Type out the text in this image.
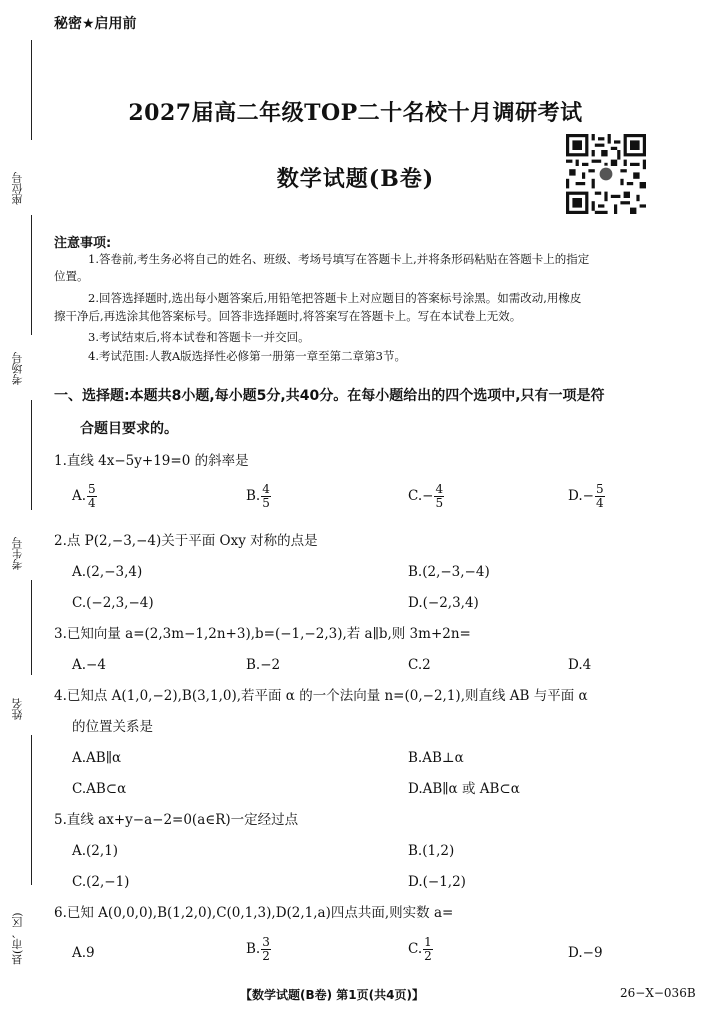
座位号
考场号
考生号
姓名
县(市、区)
秘密★启用前
2027届高二年级TOP二十名校十月调研考试
数学试题(B卷)
注意事项:
1.答卷前,考生务必将自己的姓名、班级、考场号填写在答题卡上,并将条形码粘贴在答题卡上的指定
位置。
2.回答选择题时,选出每小题答案后,用铅笔把答题卡上对应题目的答案标号涂黑。如需改动,用橡皮
擦干净后,再选涂其他答案标号。回答非选择题时,将答案写在答题卡上。写在本试卷上无效。
3.考试结束后,将本试卷和答题卡一并交回。
4.考试范围:人教A版选择性必修第一册第一章至第二章第3节。
一、选择题:本题共8小题,每小题5分,共40分。在每小题给出的四个选项中,只有一项是符
合题目要求的。
1.直线 4x−5y+19=0 的斜率是
A. $\frac{5}{4}$	B. $\frac{4}{5}$	$C.- \frac{4}{5}$	$D.- \frac{5}{4}$
2.点 P(2,−3,−4)关于平面 Oxy 对称的点是
A.(2,−3,4)	B.(2,−3,−4)
C.(−2,3,−4)	D.(−2,3,4)
3.已知向量 a=(2,3m−1,2n+3),b=(−1,−2,3),若 a∥b,则 3m+2n=
A.−4	B.−2	C.2	D.4
4.已知点 A(1,0,−2),B(3,1,0),若平面 α 的一个法向量 n=(0,−2,1),则直线 AB 与平面 α
的位置关系是
A.AB∥α	B.AB⊥α
C.AB⊂α	D.AB∥α 或 AB⊂α
5.直线 ax+y−a−2=0(a∈R)一定经过点
A.(2,1)	B.(1,2)
C.(2,−1)	D.(−1,2)
6.已知 A(0,0,0),B(1,2,0),C(0,1,3),D(2,1,a)四点共面,则实数 a=
A.9	B. $\frac{3}{2}$	C. $\frac{1}{2}$	D.−9
【数学试题(B卷) 第1页(共4页)】	26−X−036B
